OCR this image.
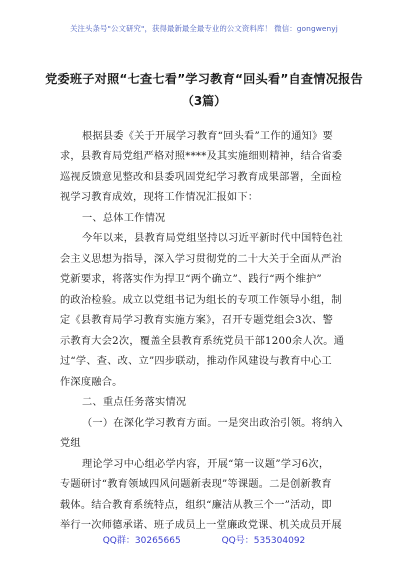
关注头条号"公文研究"，获得最新最全最专业的公文资料库！ 微信：gongwenyj
党委班子对照“七查七看”学习教育“回头看”自查情况报告
（3篇）
根据县委《关于开展学习教育“回头看”工作的通知》要
求，县教育局党组严格对照****及其实施细则精神，结合省委
巡视反馈意见整改和县委巩固党纪学习教育成果部署，全面检
视学习教育成效，现将工作情况汇报如下：
一、总体工作情况
今年以来，县教育局党组坚持以习近平新时代中国特色社
会主义思想为指导，深入学习贯彻党的二十大关于全面从严治
党新要求，将落实作为捍卫“两个确立”、践行“两个维护”
的政治检验。成立以党组书记为组长的专项工作领导小组，制
定《县教育局学习教育实施方案》，召开专题党组会3次、警
示教育大会2次，覆盖全县教育系统党员干部1200余人次。通
过“学、查、改、立”四步联动，推动作风建设与教育中心工
作深度融合。
二、重点任务落实情况
（一）在深化学习教育方面。一是突出政治引领。将纳入
党组
理论学习中心组必学内容，开展“第一议题”学习6次，
专题研讨“教育领域四风问题新表现”等课题。二是创新教育
载体。结合教育系统特点，组织“廉洁从教三个一”活动，即
举行一次师德承诺、班子成员上一堂廉政党课、机关成员开展
QQ群：30265665	QQ号：535304092
